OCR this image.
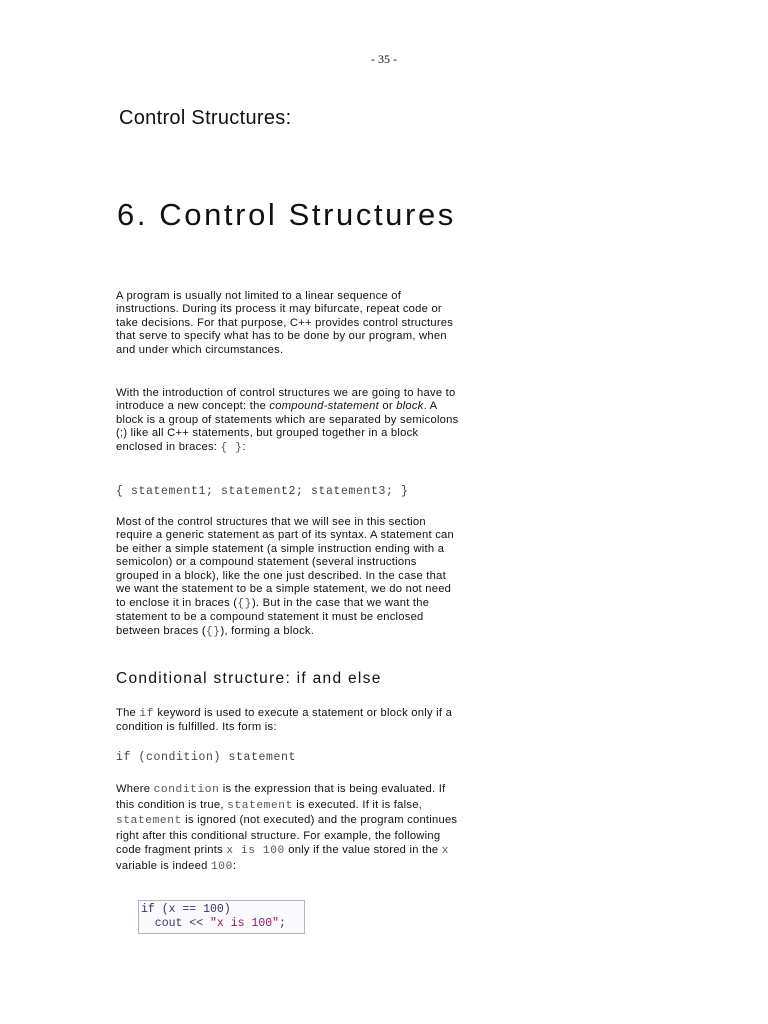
- 35 -
Control Structures:
6. Control Structures
A program is usually not limited to a linear sequence of instructions. During its process it may bifurcate, repeat code or take decisions. For that purpose, C++ provides control structures that serve to specify what has to be done by our program, when and under which circumstances.
With the introduction of control structures we are going to have to introduce a new concept: the compound-statement or block. A block is a group of statements which are separated by semicolons (;) like all C++ statements, but grouped together in a block enclosed in braces: { }:
{ statement1; statement2; statement3; }
Most of the control structures that we will see in this section require a generic statement as part of its syntax. A statement can be either a simple statement (a simple instruction ending with a semicolon) or a compound statement (several instructions grouped in a block), like the one just described. In the case that we want the statement to be a simple statement, we do not need to enclose it in braces ({}). But in the case that we want the statement to be a compound statement it must be enclosed between braces ({}), forming a block.
Conditional structure: if and else
The if keyword is used to execute a statement or block only if a condition is fulfilled. Its form is:
if (condition) statement
Where condition is the expression that is being evaluated. If this condition is true, statement is executed. If it is false, statement is ignored (not executed) and the program continues right after this conditional structure. For example, the following code fragment prints x is 100 only if the value stored in the x variable is indeed 100:
if (x == 100)
cout << "x is 100";
